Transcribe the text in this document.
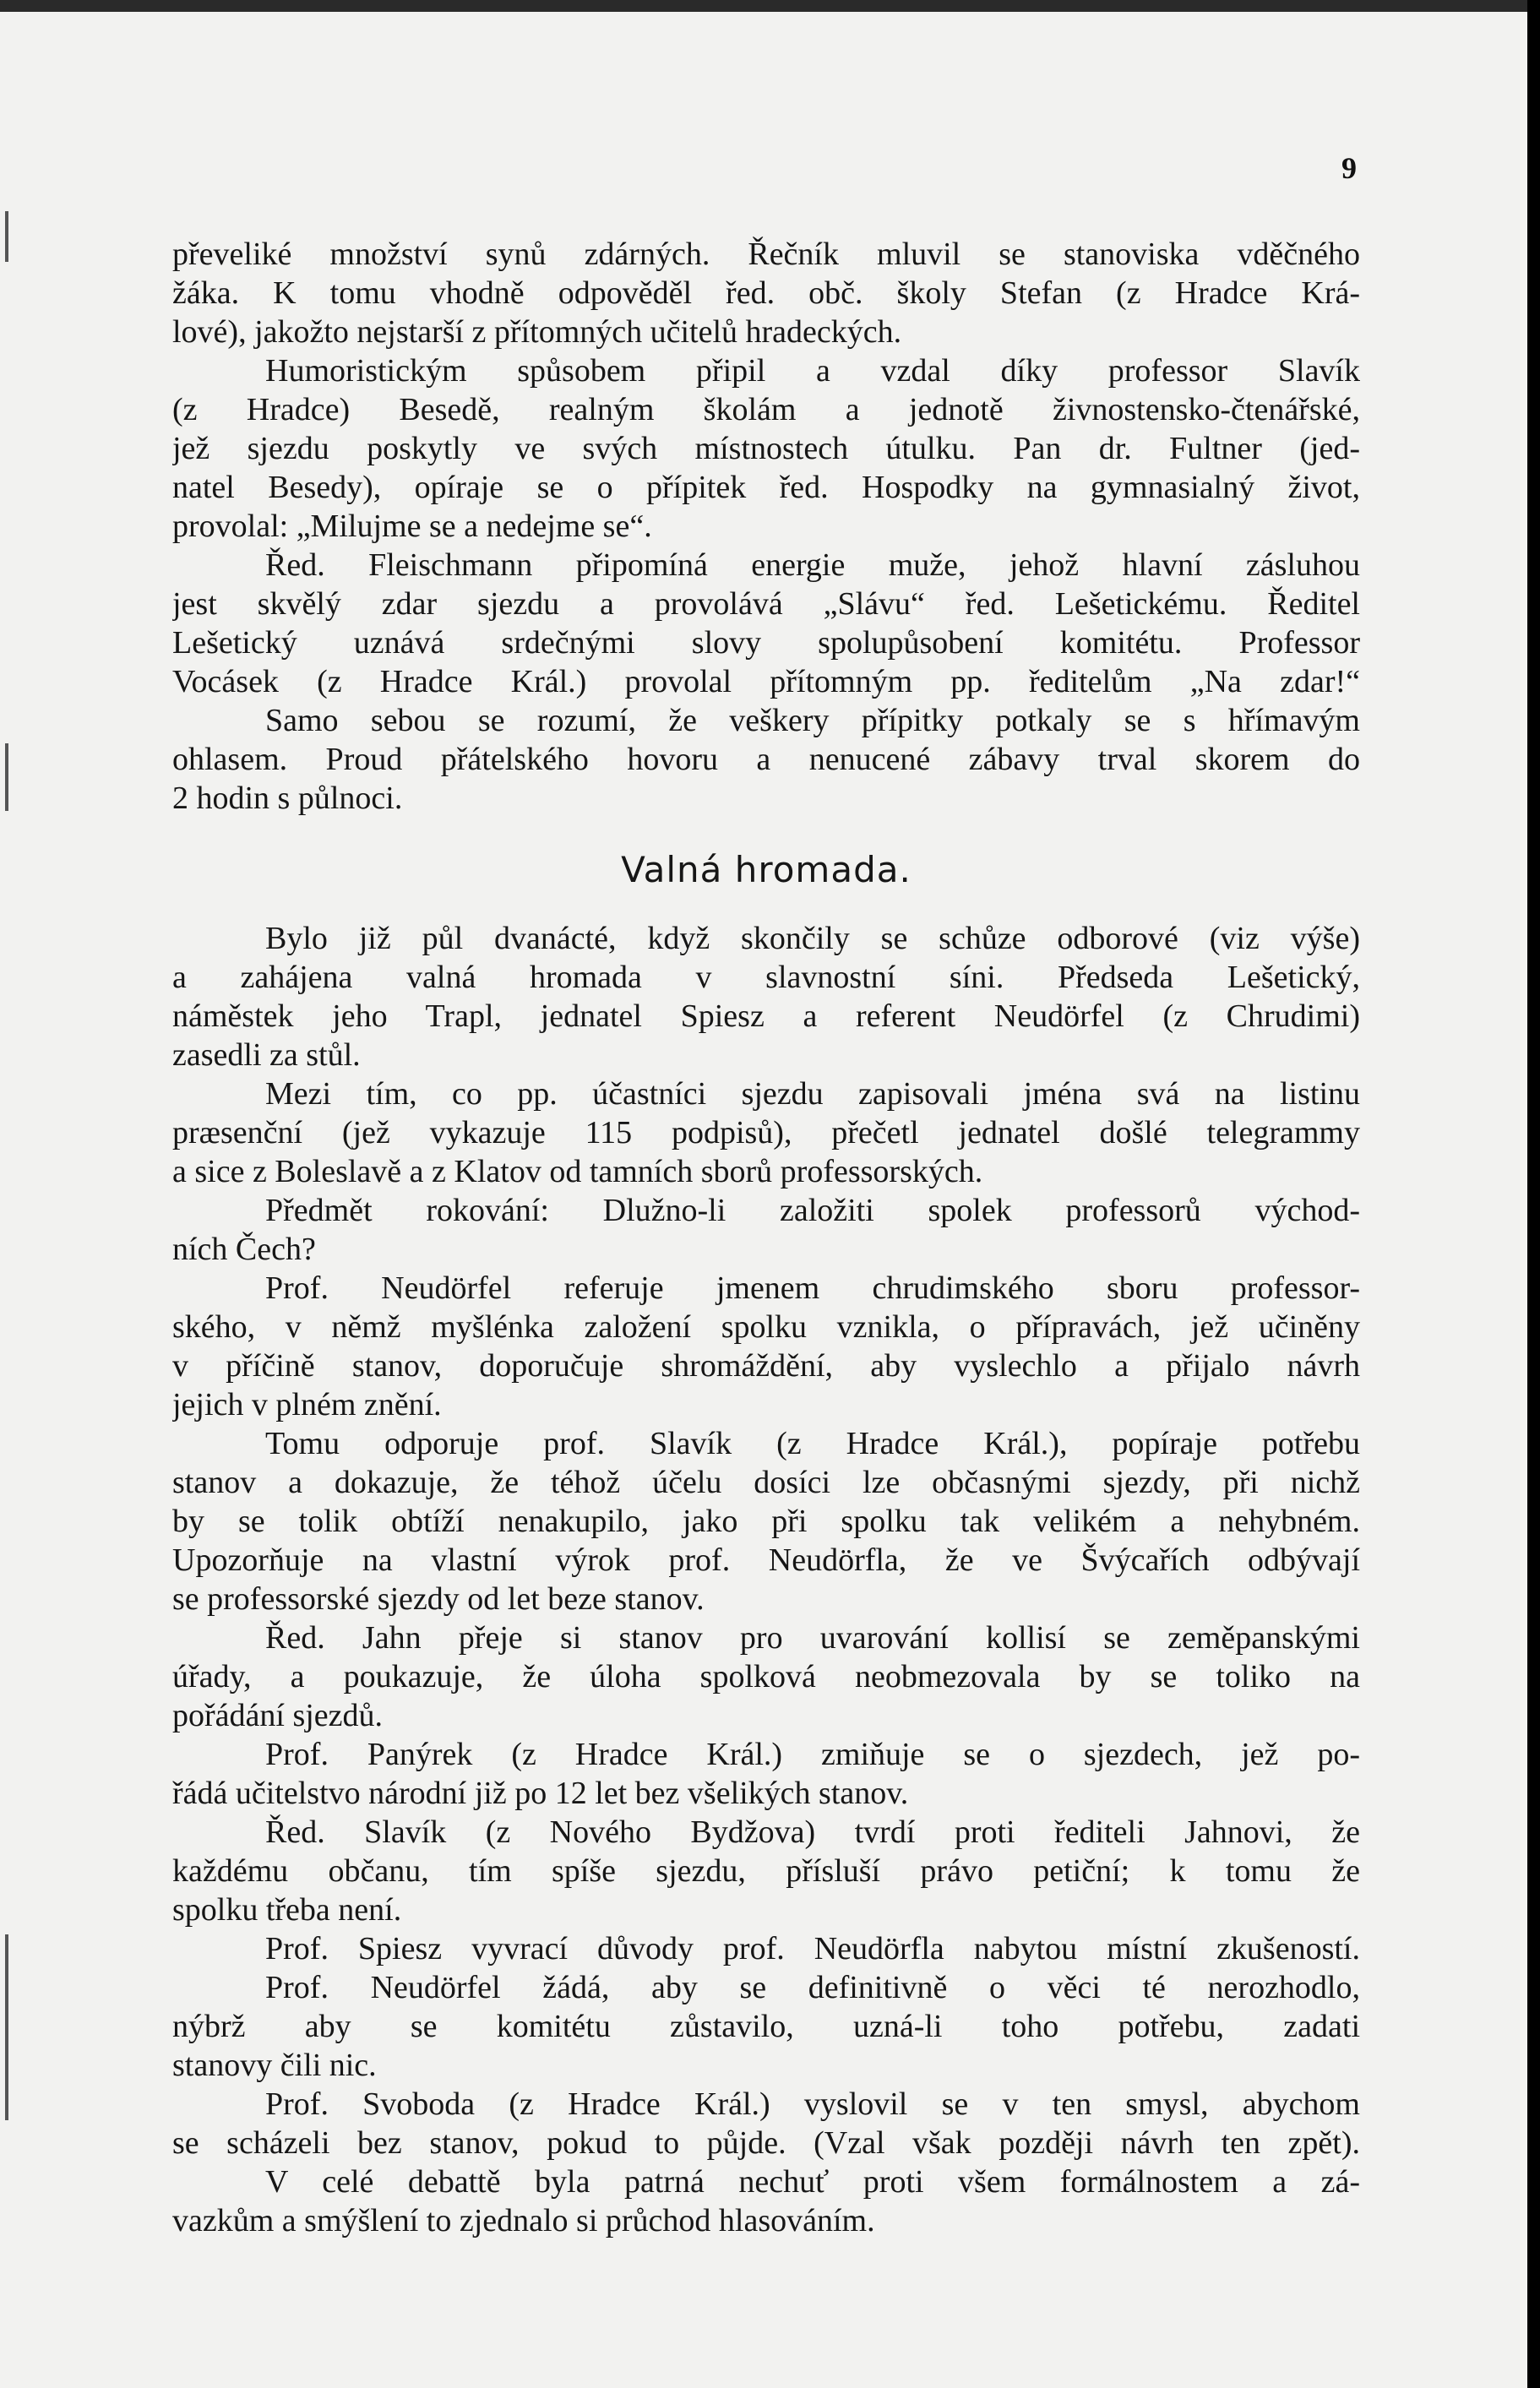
9
převeliké množství synů zdárných. Řečník mluvil se stanoviska vděčného
žáka. K tomu vhodně odpověděl řed. obč. školy Stefan (z Hradce Krá-
lové), jakožto nejstarší z přítomných učitelů hradeckých.
Humoristickým spůsobem připil a vzdal díky professor Slavík
(z Hradce) Besedě, realným školám a jednotě živnostensko-čtenářské,
jež sjezdu poskytly ve svých místnostech útulku. Pan dr. Fultner (jed-
natel Besedy), opíraje se o přípitek řed. Hospodky na gymnasialný život,
provolal: „Milujme se a nedejme se“.
Řed. Fleischmann připomíná energie muže, jehož hlavní zásluhou
jest skvělý zdar sjezdu a provolává „Slávu“ řed. Lešetickému. Ředitel
Lešetický uznává srdečnými slovy spolupůsobení komitétu. Professor
Vocásek (z Hradce Král.) provolal přítomným pp. ředitelům „Na zdar!“
Samo sebou se rozumí, že veškery přípitky potkaly se s hřímavým
ohlasem. Proud přátelského hovoru a nenucené zábavy trval skorem do
2 hodin s půlnoci.
Valná hromada.
Bylo již půl dvanácté, když skončily se schůze odborové (viz výše)
a zahájena valná hromada v slavnostní síni. Předseda Lešetický,
náměstek jeho Trapl, jednatel Spiesz a referent Neudörfel (z Chrudimi)
zasedli za stůl.
Mezi tím, co pp. účastníci sjezdu zapisovali jména svá na listinu
præsenční (jež vykazuje 115 podpisů), přečetl jednatel došlé telegrammy
a sice z Boleslavě a z Klatov od tamních sborů professorských.
Předmět rokování: Dlužno-li založiti spolek professorů východ-
ních Čech?
Prof. Neudörfel referuje jmenem chrudimského sboru professor-
ského, v němž myšlénka založení spolku vznikla, o přípravách, jež učiněny
v příčině stanov, doporučuje shromáždění, aby vyslechlo a přijalo návrh
jejich v plném znění.
Tomu odporuje prof. Slavík (z Hradce Král.), popíraje potřebu
stanov a dokazuje, že téhož účelu dosíci lze občasnými sjezdy, při nichž
by se tolik obtíží nenakupilo, jako při spolku tak velikém a nehybném.
Upozorňuje na vlastní výrok prof. Neudörfla, že ve Švýcařích odbývají
se professorské sjezdy od let beze stanov.
Řed. Jahn přeje si stanov pro uvarování kollisí se zeměpanskými
úřady, a poukazuje, že úloha spolková neobmezovala by se toliko na
pořádání sjezdů.
Prof. Panýrek (z Hradce Král.) zmiňuje se o sjezdech, jež po-
řádá učitelstvo národní již po 12 let bez všelikých stanov.
Řed. Slavík (z Nového Bydžova) tvrdí proti řediteli Jahnovi, že
každému občanu, tím spíše sjezdu, přísluší právo petiční; k tomu že
spolku třeba není.
Prof. Spiesz vyvrací důvody prof. Neudörfla nabytou místní zkušeností.
Prof. Neudörfel žádá, aby se definitivně o věci té nerozhodlo,
nýbrž aby se komitétu zůstavilo, uzná-li toho potřebu, zadati
stanovy čili nic.
Prof. Svoboda (z Hradce Král.) vyslovil se v ten smysl, abychom
se scházeli bez stanov, pokud to půjde. (Vzal však později návrh ten zpět).
V celé debattě byla patrná nechuť proti všem formálnostem a zá-
vazkům a smýšlení to zjednalo si průchod hlasováním.
